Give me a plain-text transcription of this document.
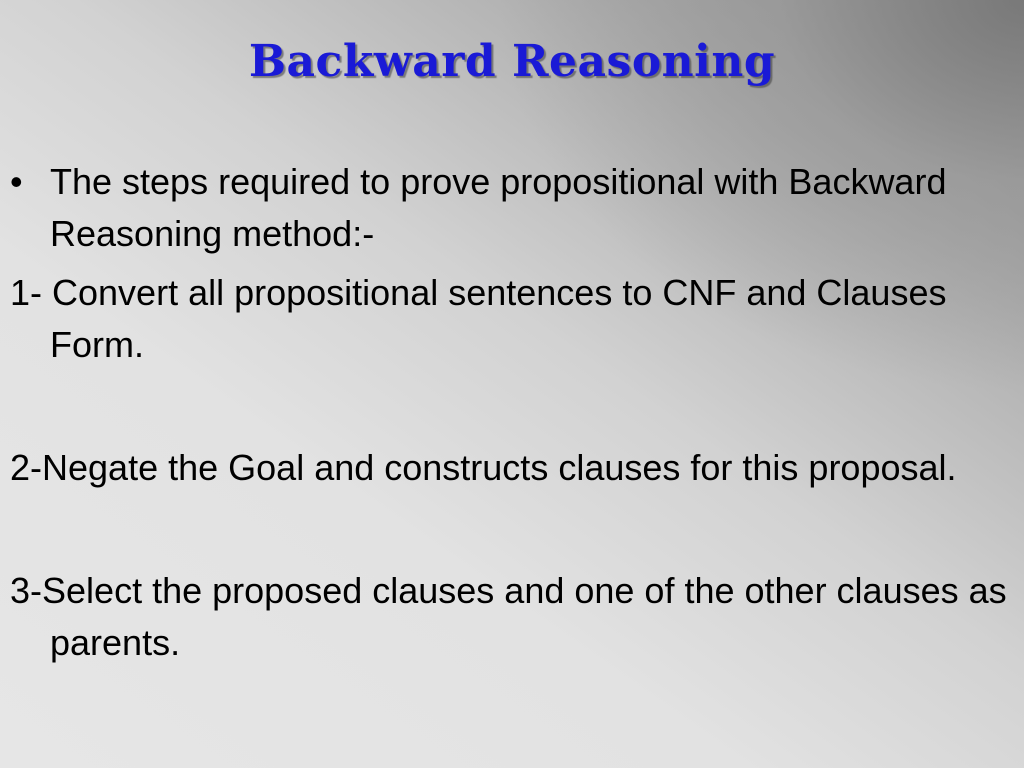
Backward Reasoning

• The steps required to prove propositional with Backward Reasoning method:-

1- Convert all propositional sentences to CNF and Clauses Form.

2-Negate the Goal and constructs clauses for this proposal.

3-Select the proposed clauses and one of the other clauses as parents.
